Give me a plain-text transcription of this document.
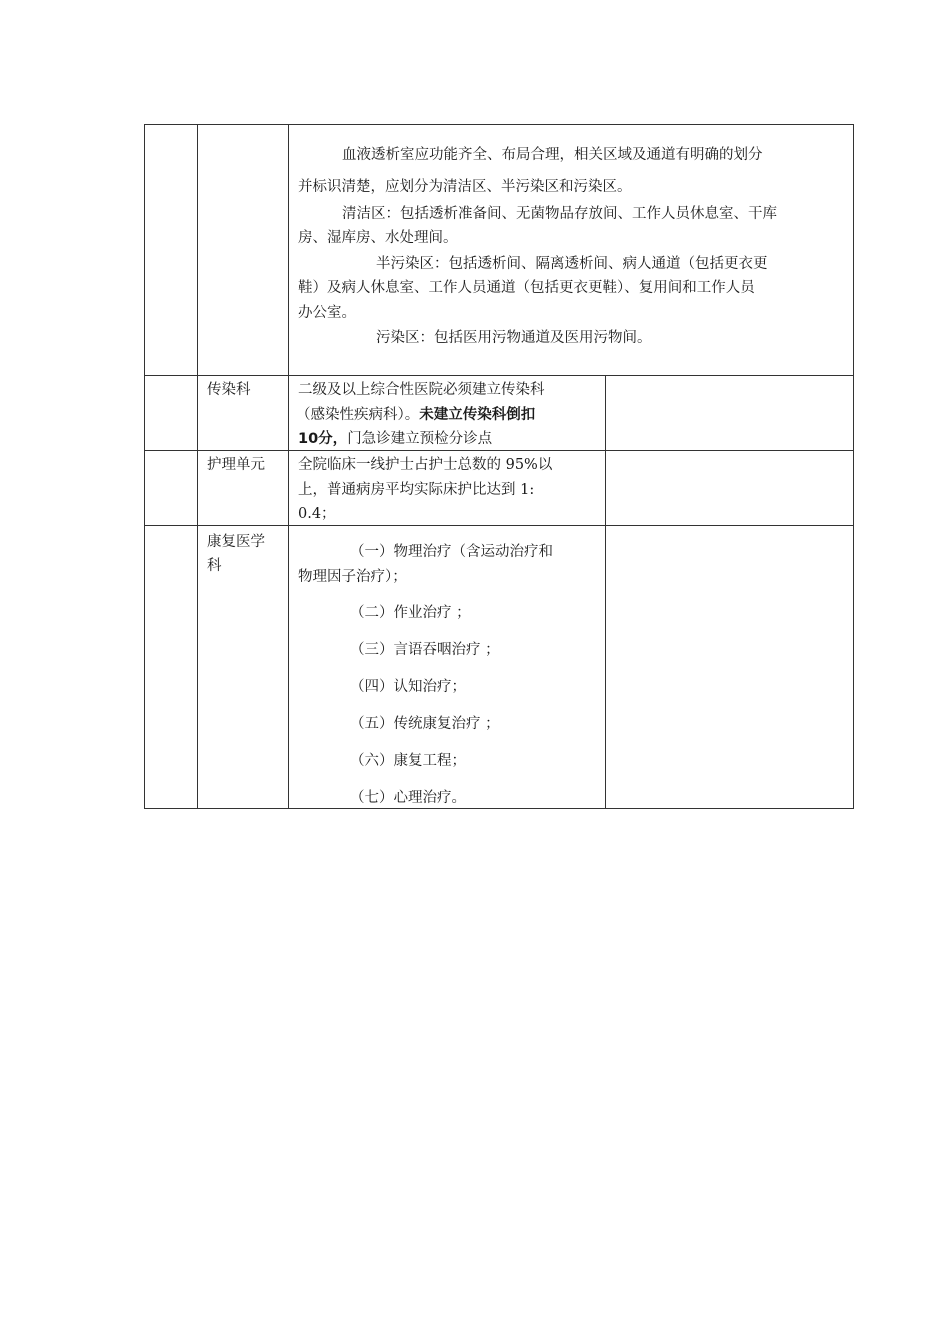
血液透析室应功能齐全、布局合理，相关区域及通道有明确的划分
并标识清楚，应划分为清洁区、半污染区和污染区。
清洁区：包括透析准备间、无菌物品存放间、工作人员休息室、干库
房、湿库房、水处理间。
半污染区：包括透析间、隔离透析间、病人通道（包括更衣更
鞋）及病人休息室、工作人员通道（包括更衣更鞋）、复用间和工作人员
办公室。
污染区：包括医用污物通道及医用污物间。
传染科	二级及以上综合性医院必须建立传染科
（感染性疾病科）。未建立传染科倒扣
10分，门急诊建立预检分诊点
护理单元 全院临床一线护士占护士总数的 95%以
上，普通病房平均实际床护比达到 1:
0.4；
康复医学
科
（一）物理治疗（含运动治疗和
物理因子治疗）；
（二）作业治疗 ；
（三）言语吞咽治疗 ；
（四）认知治疗；
（五）传统康复治疗 ；
（六）康复工程；
（七）心理治疗。
